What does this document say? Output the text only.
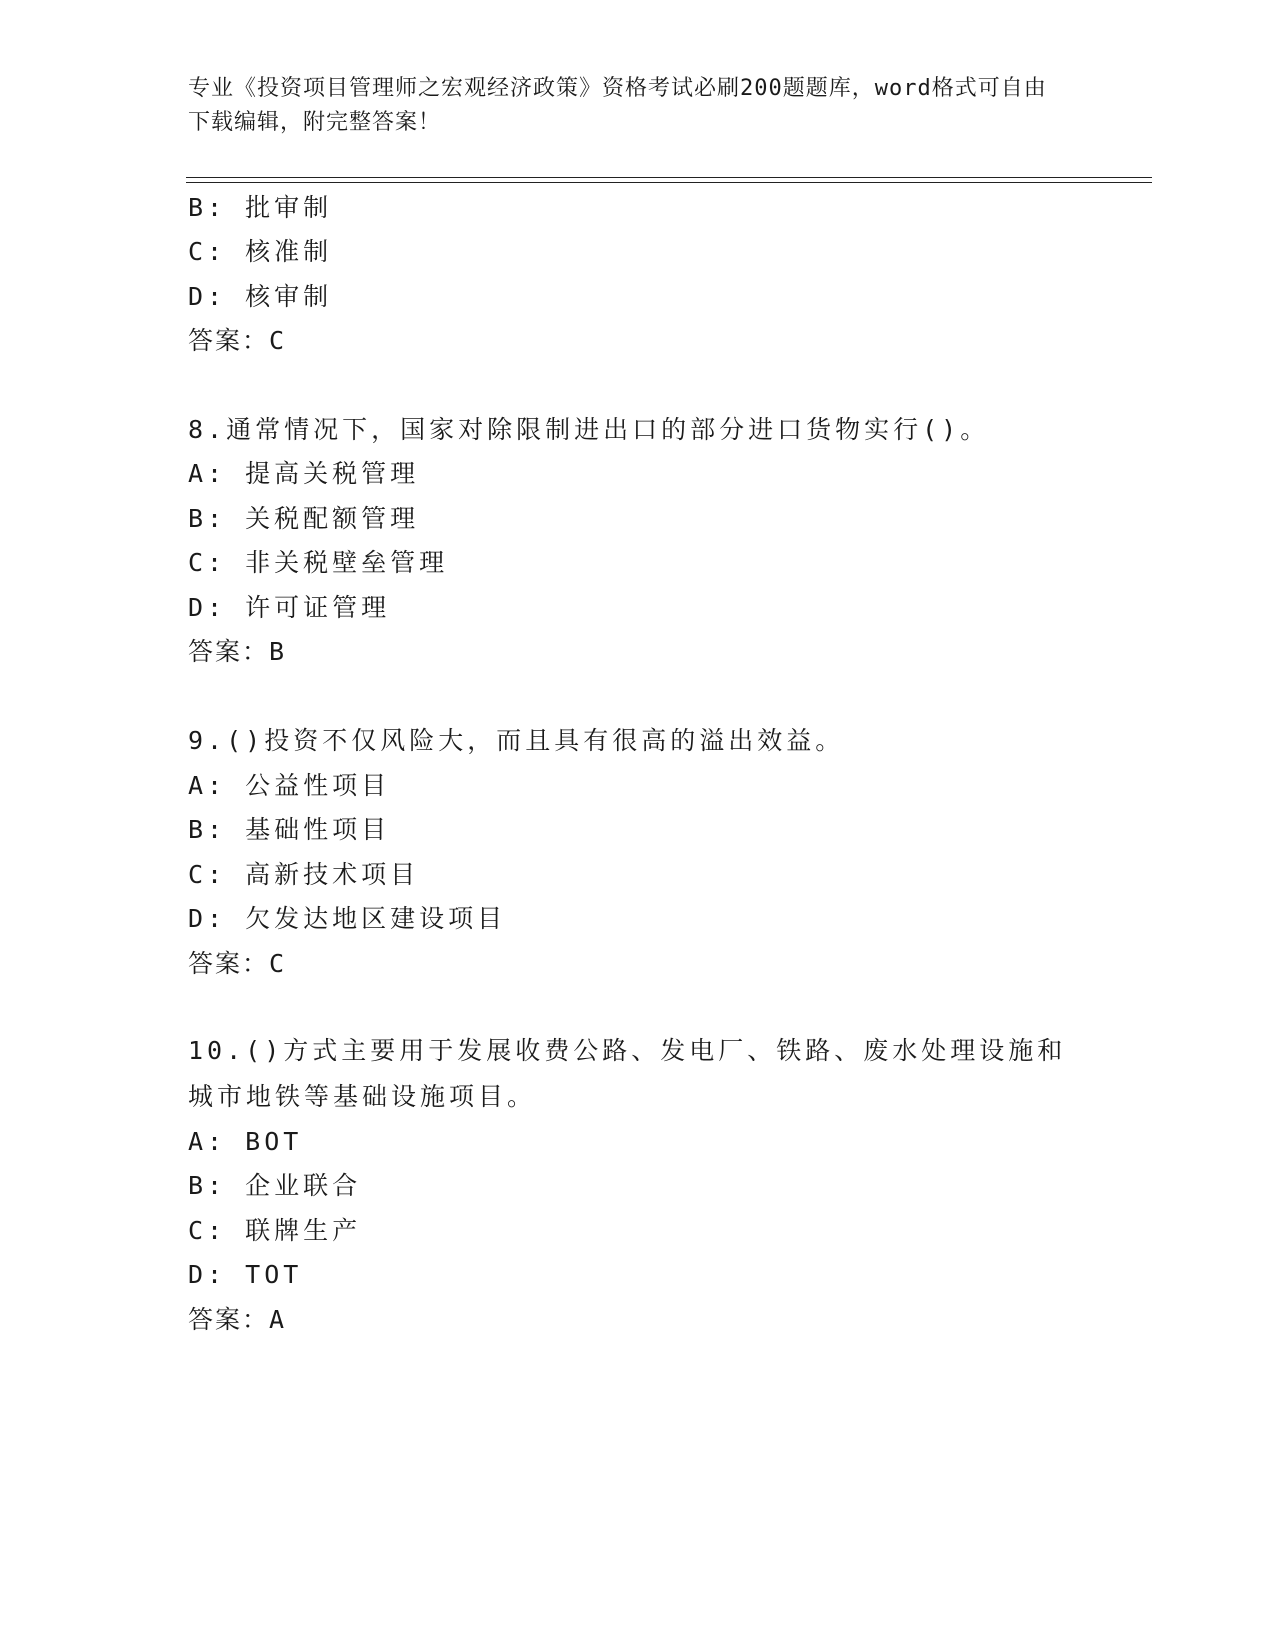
专业《投资项目管理师之宏观经济政策》资格考试必刷200题题库，word格式可自由下载编辑，附完整答案！
B: 批审制
C: 核准制
D: 核审制
答案：C
8.通常情况下，国家对除限制进出口的部分进口货物实行()。
A: 提高关税管理
B: 关税配额管理
C: 非关税壁垒管理
D: 许可证管理
答案：B
9.()投资不仅风险大，而且具有很高的溢出效益。
A: 公益性项目
B: 基础性项目
C: 高新技术项目
D: 欠发达地区建设项目
答案：C
10.()方式主要用于发展收费公路、发电厂、铁路、废水处理设施和城市地铁等基础设施项目。
A: BOT
B: 企业联合
C: 联牌生产
D: TOT
答案：A
